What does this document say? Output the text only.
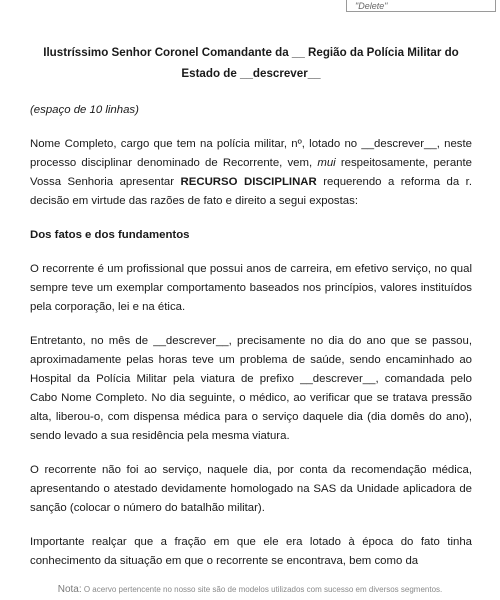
"Delete"
Ilustríssimo Senhor Coronel Comandante da __ Região da Polícia Militar do
Estado de __descrever__
(espaço de 10 linhas)

Nome Completo, cargo que tem na polícia militar, nº, lotado no __descrever__, neste processo disciplinar denominado de Recorrente, vem, mui respeitosamente, perante Vossa Senhoria apresentar RECURSO DISCIPLINAR requerendo a reforma da r. decisão em virtude das razões de fato e direito a segui expostas:

Dos fatos e dos fundamentos

O recorrente é um profissional que possui anos de carreira, em efetivo serviço, no qual sempre teve um exemplar comportamento baseados nos princípios, valores instituídos pela corporação, lei e na ética.

Entretanto, no mês de __descrever__, precisamente no dia do ano que se passou, aproximadamente pelas horas teve um problema de saúde, sendo encaminhado ao Hospital da Polícia Militar pela viatura de prefixo __descrever__, comandada pelo Cabo Nome Completo. No dia seguinte, o médico, ao verificar que se tratava pressão alta, liberou-o, com dispensa médica para o serviço daquele dia (dia domês do ano), sendo levado a sua residência pela mesma viatura.

O recorrente não foi ao serviço, naquele dia, por conta da recomendação médica, apresentando o atestado devidamente homologado na SAS da Unidade aplicadora de sanção (colocar o número do batalhão militar).

Importante realçar que a fração em que ele era lotado à época do fato tinha conhecimento da situação em que o recorrente se encontrava, bem como da

Nota: O acervo pertencente no nosso site são de modelos utilizados com sucesso em diversos segmentos.
